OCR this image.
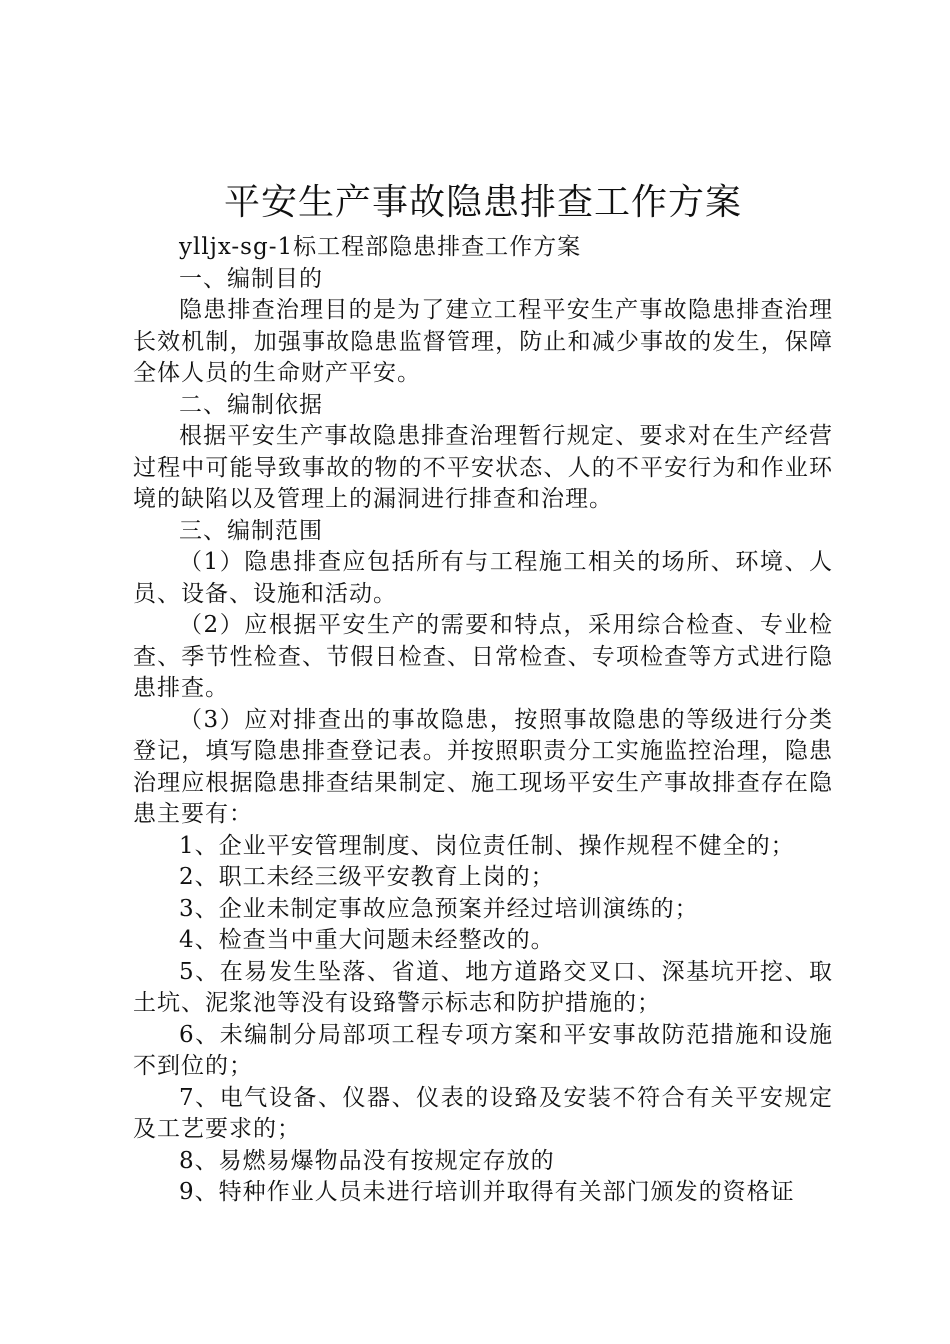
平安生产事故隐患排查工作方案

yllјx-sg-1标工程部隐患排查工作方案

一、编制目的

隐患排查治理目的是为了建立工程平安生产事故隐患排查治理长效机制，加强事故隐患监督管理，防止和减少事故的发生，保障全体人员的生命财产平安。

二、编制依据

根据平安生产事故隐患排查治理暂行规定、要求对在生产经营过程中可能导致事故的物的不平安状态、人的不平安行为和作业环境的缺陷以及管理上的漏洞进行排查和治理。

三、编制范围

（1）隐患排查应包括所有与工程施工相关的场所、环境、人员、设备、设施和活动。

（2）应根据平安生产的需要和特点，采用综合检查、专业检查、季节性检查、节假日检查、日常检查、专项检查等方式进行隐患排查。

（3）应对排查出的事故隐患，按照事故隐患的等级进行分类登记，填写隐患排查登记表。并按照职责分工实施监控治理，隐患治理应根据隐患排查结果制定、施工现场平安生产事故排查存在隐患主要有：

1、企业平安管理制度、岗位责任制、操作规程不健全的；

2、职工未经三级平安教育上岗的；

3、企业未制定事故应急预案并经过培训演练的；

4、检查当中重大问题未经整改的。

5、在易发生坠落、省道、地方道路交叉口、深基坑开挖、取土坑、泥浆池等没有设臵警示标志和防护措施的；

6、未编制分局部项工程专项方案和平安事故防范措施和设施不到位的；

7、电气设备、仪器、仪表的设臵及安装不符合有关平安规定及工艺要求的；

8、易燃易爆物品没有按规定存放的

9、特种作业人员未进行培训并取得有关部门颁发的资格证
